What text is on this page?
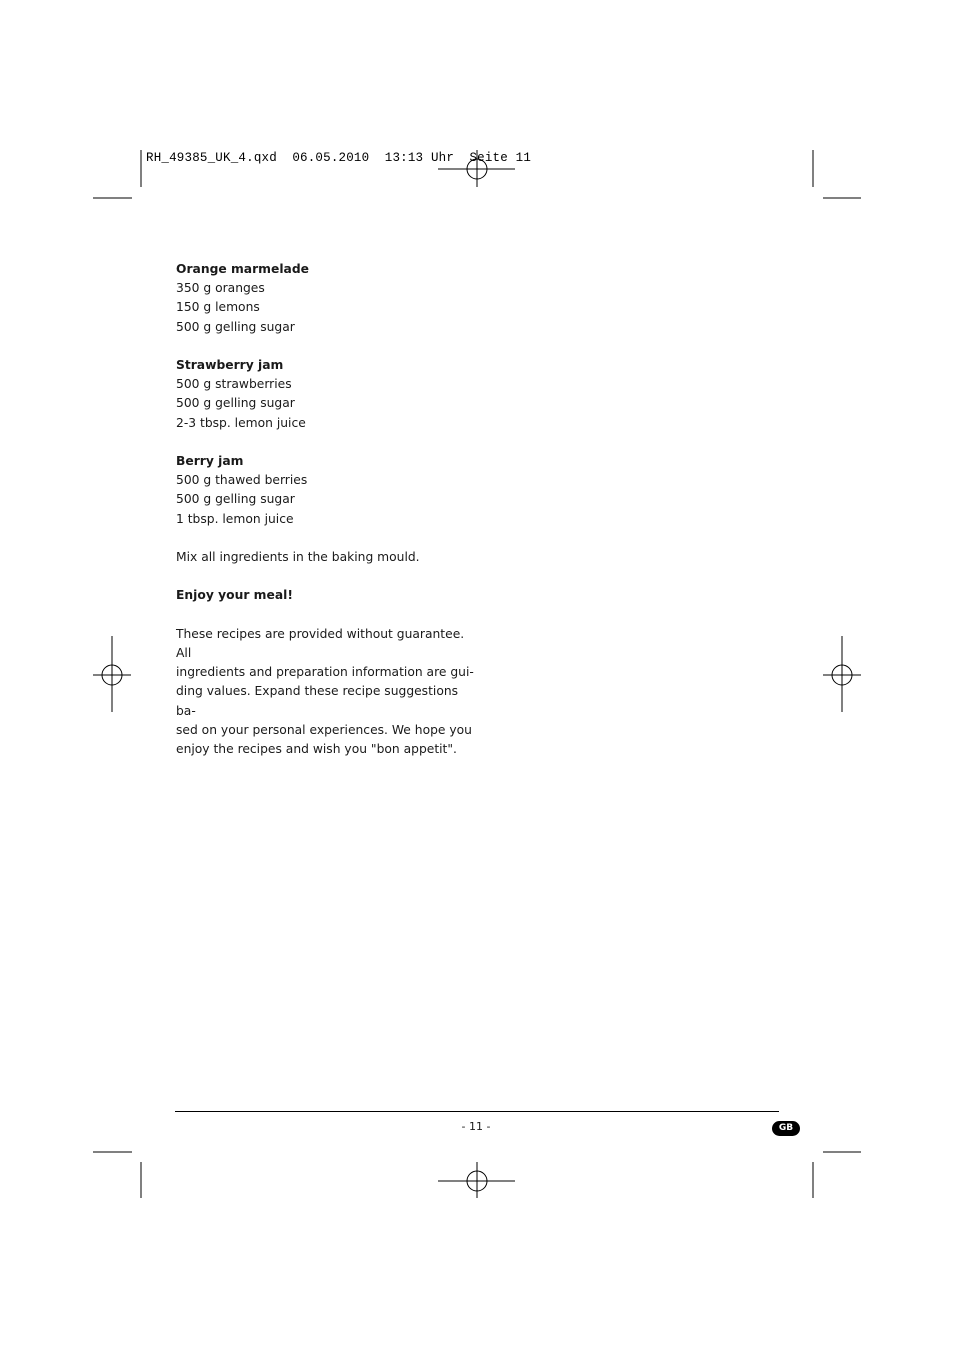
RH_49385_UK_4.qxd  06.05.2010  13:13 Uhr  Seite 11
Orange marmelade
350 g oranges
150 g lemons
500 g gelling sugar
Strawberry jam
500 g strawberries
500 g gelling sugar
2-3 tbsp. lemon juice
Berry jam
500 g thawed berries
500 g gelling sugar
1 tbsp. lemon juice

Mix all ingredients in the baking mould.

Enjoy your meal!

These recipes are provided without guarantee. All
ingredients and preparation information are gui-
ding values. Expand these recipe suggestions ba-
sed on your personal experiences. We hope you
enjoy the recipes and wish you "bon appetit".
- 11 -	GB
